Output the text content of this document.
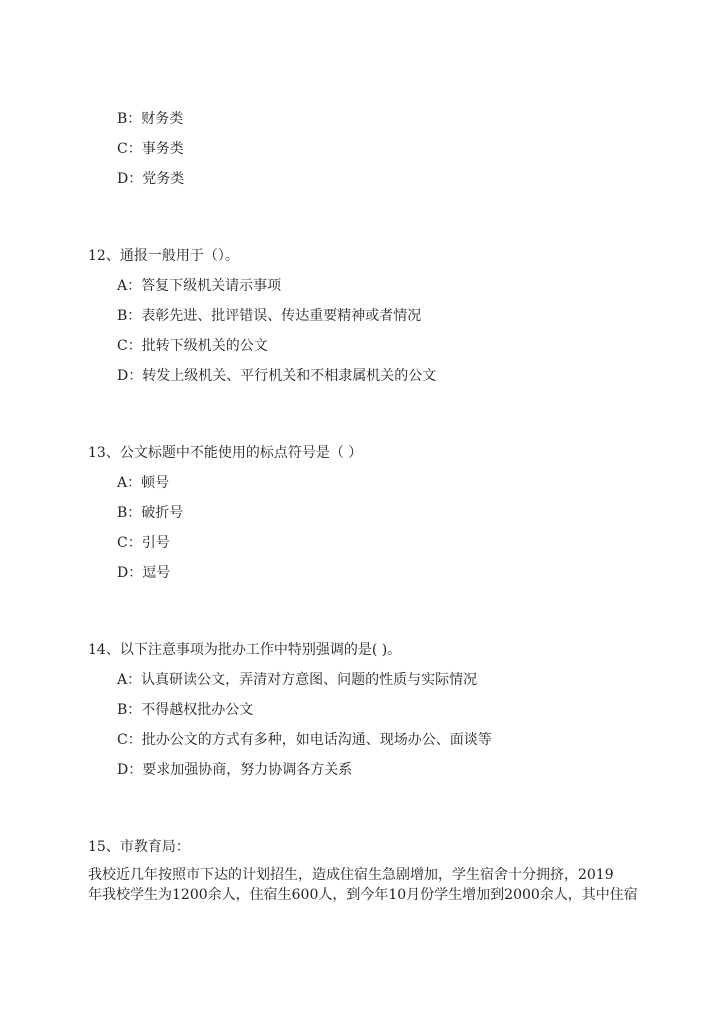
B：财务类
C：事务类
D：党务类
12、通报一般用于（）。
A：答复下级机关请示事项
B：表彰先进、批评错误、传达重要精神或者情况
C：批转下级机关的公文
D：转发上级机关、平行机关和不相隶属机关的公文
13、公文标题中不能使用的标点符号是（ ）
A：顿号
B：破折号
C：引号
D：逗号
14、以下注意事项为批办工作中特别强调的是( )。
A：认真研读公文，弄清对方意图、问题的性质与实际情况
B：不得越权批办公文
C：批办公文的方式有多种，如电话沟通、现场办公、面谈等
D：要求加强协商，努力协调各方关系
15、市教育局：
我校近几年按照市下达的计划招生，造成住宿生急剧增加，学生宿舍十分拥挤，2019
年我校学生为1200余人，住宿生600人，到今年10月份学生增加到2000余人，其中住宿
